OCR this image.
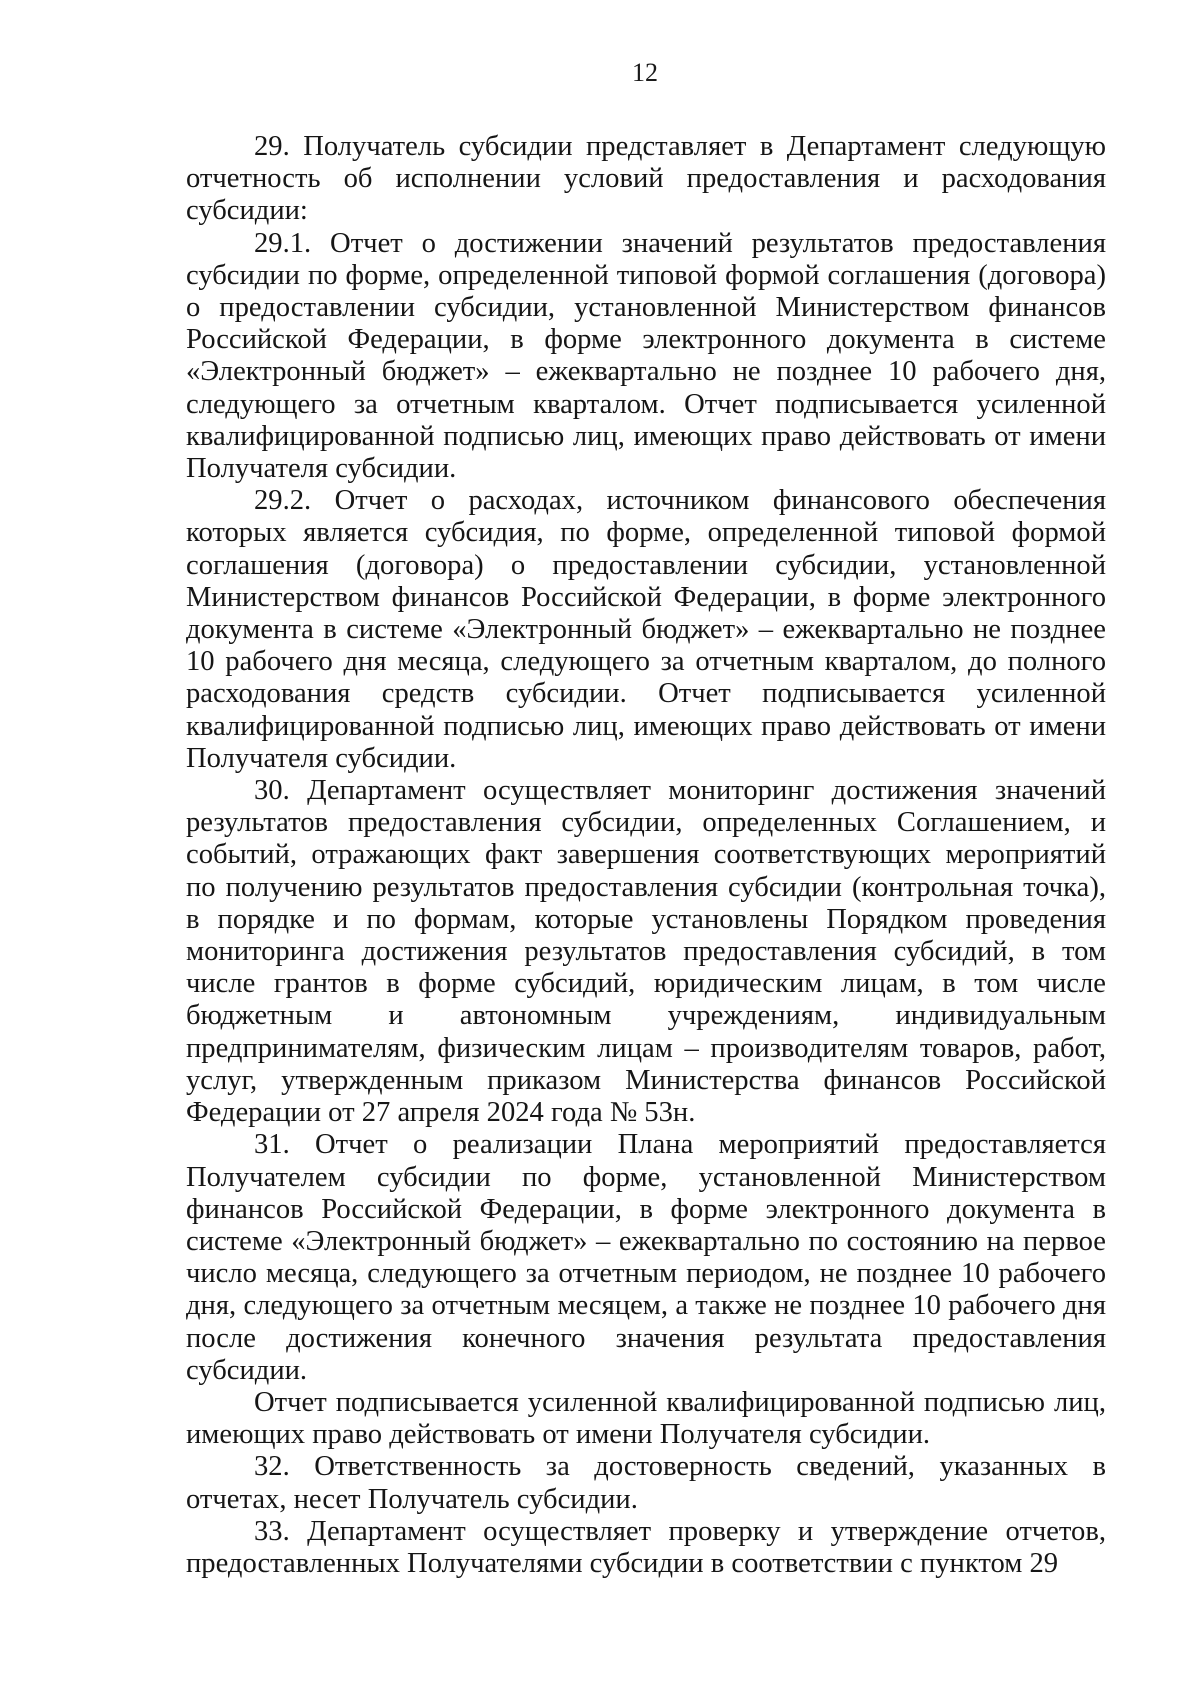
12

29. Получатель субсидии представляет в Департамент следующую отчетность об исполнении условий предоставления и расходования субсидии:

29.1. Отчет о достижении значений результатов предоставления субсидии по форме, определенной типовой формой соглашения (договора) о предоставлении субсидии, установленной Министерством финансов Российской Федерации, в форме электронного документа в системе «Электронный бюджет» – ежеквартально не позднее 10 рабочего дня, следующего за отчетным кварталом. Отчет подписывается усиленной квалифицированной подписью лиц, имеющих право действовать от имени Получателя субсидии.

29.2. Отчет о расходах, источником финансового обеспечения которых является субсидия, по форме, определенной типовой формой соглашения (договора) о предоставлении субсидии, установленной Министерством финансов Российской Федерации, в форме электронного документа в системе «Электронный бюджет» – ежеквартально не позднее 10 рабочего дня месяца, следующего за отчетным кварталом, до полного расходования средств субсидии. Отчет подписывается усиленной квалифицированной подписью лиц, имеющих право действовать от имени Получателя субсидии.

30. Департамент осуществляет мониторинг достижения значений результатов предоставления субсидии, определенных Соглашением, и событий, отражающих факт завершения соответствующих мероприятий по получению результатов предоставления субсидии (контрольная точка), в порядке и по формам, которые установлены Порядком проведения мониторинга достижения результатов предоставления субсидий, в том числе грантов в форме субсидий, юридическим лицам, в том числе бюджетным и автономным учреждениям, индивидуальным предпринимателям, физическим лицам – производителям товаров, работ, услуг, утвержденным приказом Министерства финансов Российской Федерации от 27 апреля 2024 года № 53н.

31. Отчет о реализации Плана мероприятий предоставляется Получателем субсидии по форме, установленной Министерством финансов Российской Федерации, в форме электронного документа в системе «Электронный бюджет» – ежеквартально по состоянию на первое число месяца, следующего за отчетным периодом, не позднее 10 рабочего дня, следующего за отчетным месяцем, а также не позднее 10 рабочего дня после достижения конечного значения результата предоставления субсидии.

Отчет подписывается усиленной квалифицированной подписью лиц, имеющих право действовать от имени Получателя субсидии.

32. Ответственность за достоверность сведений, указанных в отчетах, несет Получатель субсидии.

33. Департамент осуществляет проверку и утверждение отчетов, предоставленных Получателями субсидии в соответствии с пунктом 29
